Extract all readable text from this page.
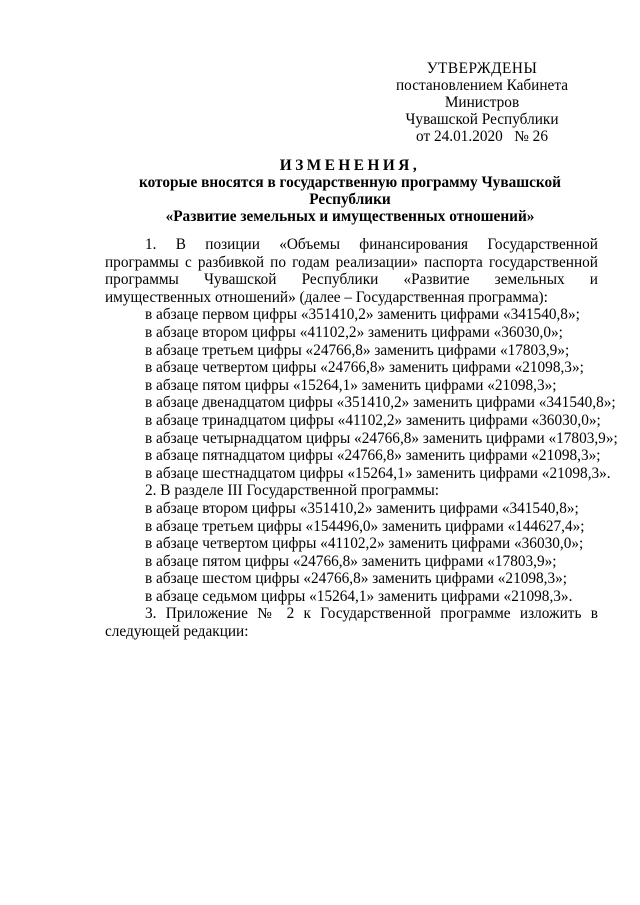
УТВЕРЖДЕНЫ
постановлением Кабинета Министров
Чувашской Республики
от 24.01.2020   № 26
ИЗМЕНЕНИЯ,
которые вносятся в государственную программу Чувашской Республики
«Развитие земельных и имущественных отношений»

1. В позиции «Объемы финансирования Государственной программы с разбивкой по годам реализации» паспорта государственной программы Чувашской Республики «Развитие земельных и имущественных отношений» (далее – Государственная программа):

в абзаце первом цифры «351410,2» заменить цифрами «341540,8»;

в абзаце втором цифры «41102,2» заменить цифрами «36030,0»;

в абзаце третьем цифры «24766,8» заменить цифрами «17803,9»;

в абзаце четвертом цифры «24766,8» заменить цифрами «21098,3»;

в абзаце пятом цифры «15264,1» заменить цифрами «21098,3»;

в абзаце двенадцатом цифры «351410,2» заменить цифрами «341540,8»;

в абзаце тринадцатом цифры «41102,2» заменить цифрами «36030,0»;

в абзаце четырнадцатом цифры «24766,8» заменить цифрами «17803,9»;

в абзаце пятнадцатом цифры «24766,8» заменить цифрами «21098,3»;

в абзаце шестнадцатом цифры «15264,1» заменить цифрами «21098,3».

2. В разделе III Государственной программы:

в абзаце втором цифры «351410,2» заменить цифрами «341540,8»;

в абзаце третьем цифры «154496,0» заменить цифрами «144627,4»;

в абзаце четвертом цифры «41102,2» заменить цифрами «36030,0»;

в абзаце пятом цифры «24766,8» заменить цифрами «17803,9»;

в абзаце шестом цифры «24766,8» заменить цифрами «21098,3»;

в абзаце седьмом цифры «15264,1» заменить цифрами «21098,3».

3. Приложение № 2 к Государственной программе изложить в следующей редакции:
